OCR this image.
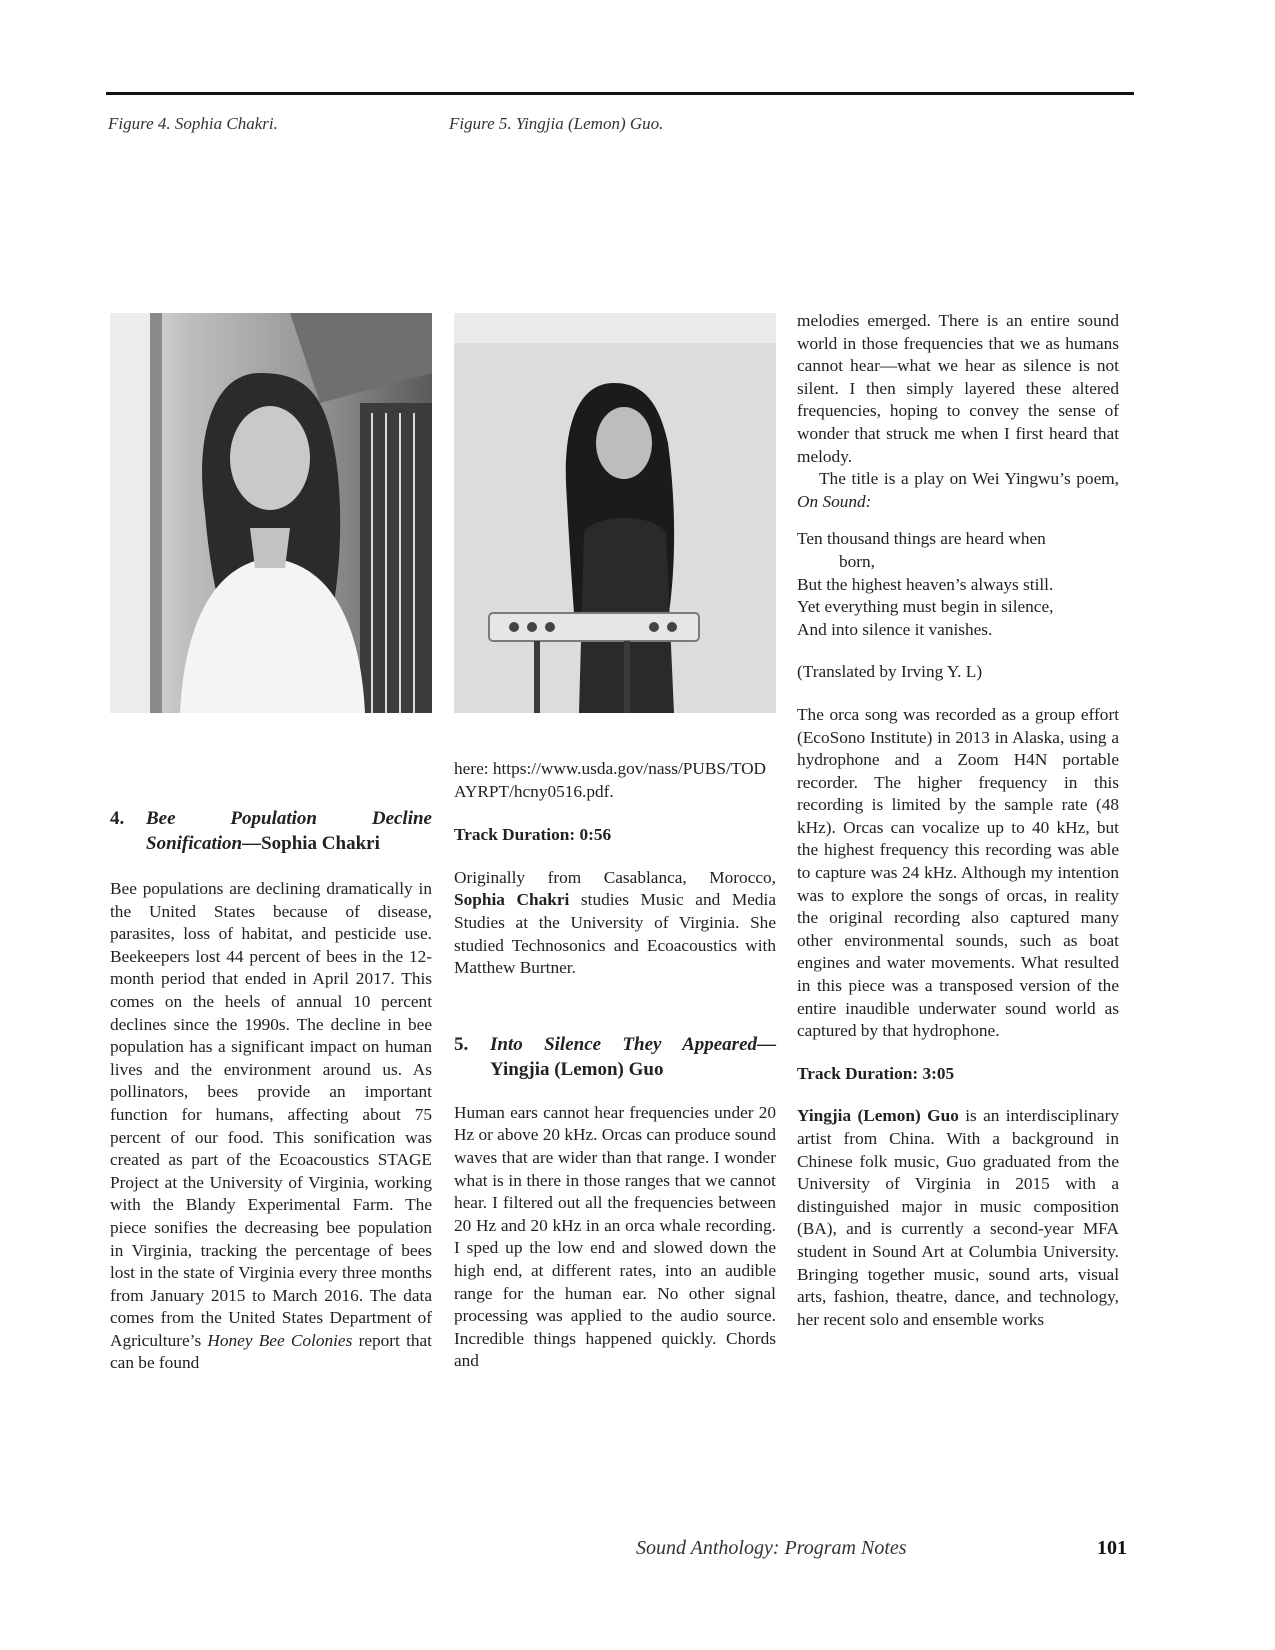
Figure 4. Sophia Chakri.	Figure 5. Yingjia (Lemon) Guo.

4. Bee Population Decline Sonification—Sophia Chakri

Bee populations are declining dramatically in the United States because of disease, parasites, loss of habitat, and pesticide use. Beekeepers lost 44 percent of bees in the 12-month period that ended in April 2017. This comes on the heels of annual 10 percent declines since the 1990s. The decline in bee population has a significant impact on human lives and the environment around us. As pollinators, bees provide an important function for humans, affecting about 75 percent of our food. This sonification was created as part of the Ecoacoustics STAGE Project at the University of Virginia, working with the Blandy Experimental Farm. The piece sonifies the decreasing bee population in Virginia, tracking the percentage of bees lost in the state of Virginia every three months from January 2015 to March 2016. The data comes from the United States Department of Agriculture’s Honey Bee Colonies report that can be found

here: https://www.usda.gov/nass/PUBS/TODAYRPT/hcny0516.pdf.

Track Duration: 0:56

Originally from Casablanca, Morocco, Sophia Chakri studies Music and Media Studies at the University of Virginia. She studied Technosonics and Ecoacoustics with Matthew Burtner.

5. Into Silence They Appeared—Yingjia (Lemon) Guo

Human ears cannot hear frequencies under 20 Hz or above 20 kHz. Orcas can produce sound waves that are wider than that range. I wonder what is in there in those ranges that we cannot hear. I filtered out all the frequencies between 20 Hz and 20 kHz in an orca whale recording. I sped up the low end and slowed down the high end, at different rates, into an audible range for the human ear. No other signal processing was applied to the audio source. Incredible things happened quickly. Chords and

melodies emerged. There is an entire sound world in those frequencies that we as humans cannot hear—what we hear as silence is not silent. I then simply layered these altered frequencies, hoping to convey the sense of wonder that struck me when I first heard that melody.

The title is a play on Wei Yingwu’s poem, On Sound:

Ten thousand things are heard when
born,
But the highest heaven’s always still.
Yet everything must begin in silence,
And into silence it vanishes.

(Translated by Irving Y. L)

The orca song was recorded as a group effort (EcoSono Institute) in 2013 in Alaska, using a hydrophone and a Zoom H4N portable recorder. The higher frequency in this recording is limited by the sample rate (48 kHz). Orcas can vocalize up to 40 kHz, but the highest frequency this recording was able to capture was 24 kHz. Although my intention was to explore the songs of orcas, in reality the original recording also captured many other environmental sounds, such as boat engines and water movements. What resulted in this piece was a transposed version of the entire inaudible underwater sound world as captured by that hydrophone.

Track Duration: 3:05

Yingjia (Lemon) Guo is an interdisciplinary artist from China. With a background in Chinese folk music, Guo graduated from the University of Virginia in 2015 with a distinguished major in music composition (BA), and is currently a second-year MFA student in Sound Art at Columbia University. Bringing together music, sound arts, visual arts, fashion, theatre, dance, and technology, her recent solo and ensemble works

Sound Anthology: Program Notes	101
